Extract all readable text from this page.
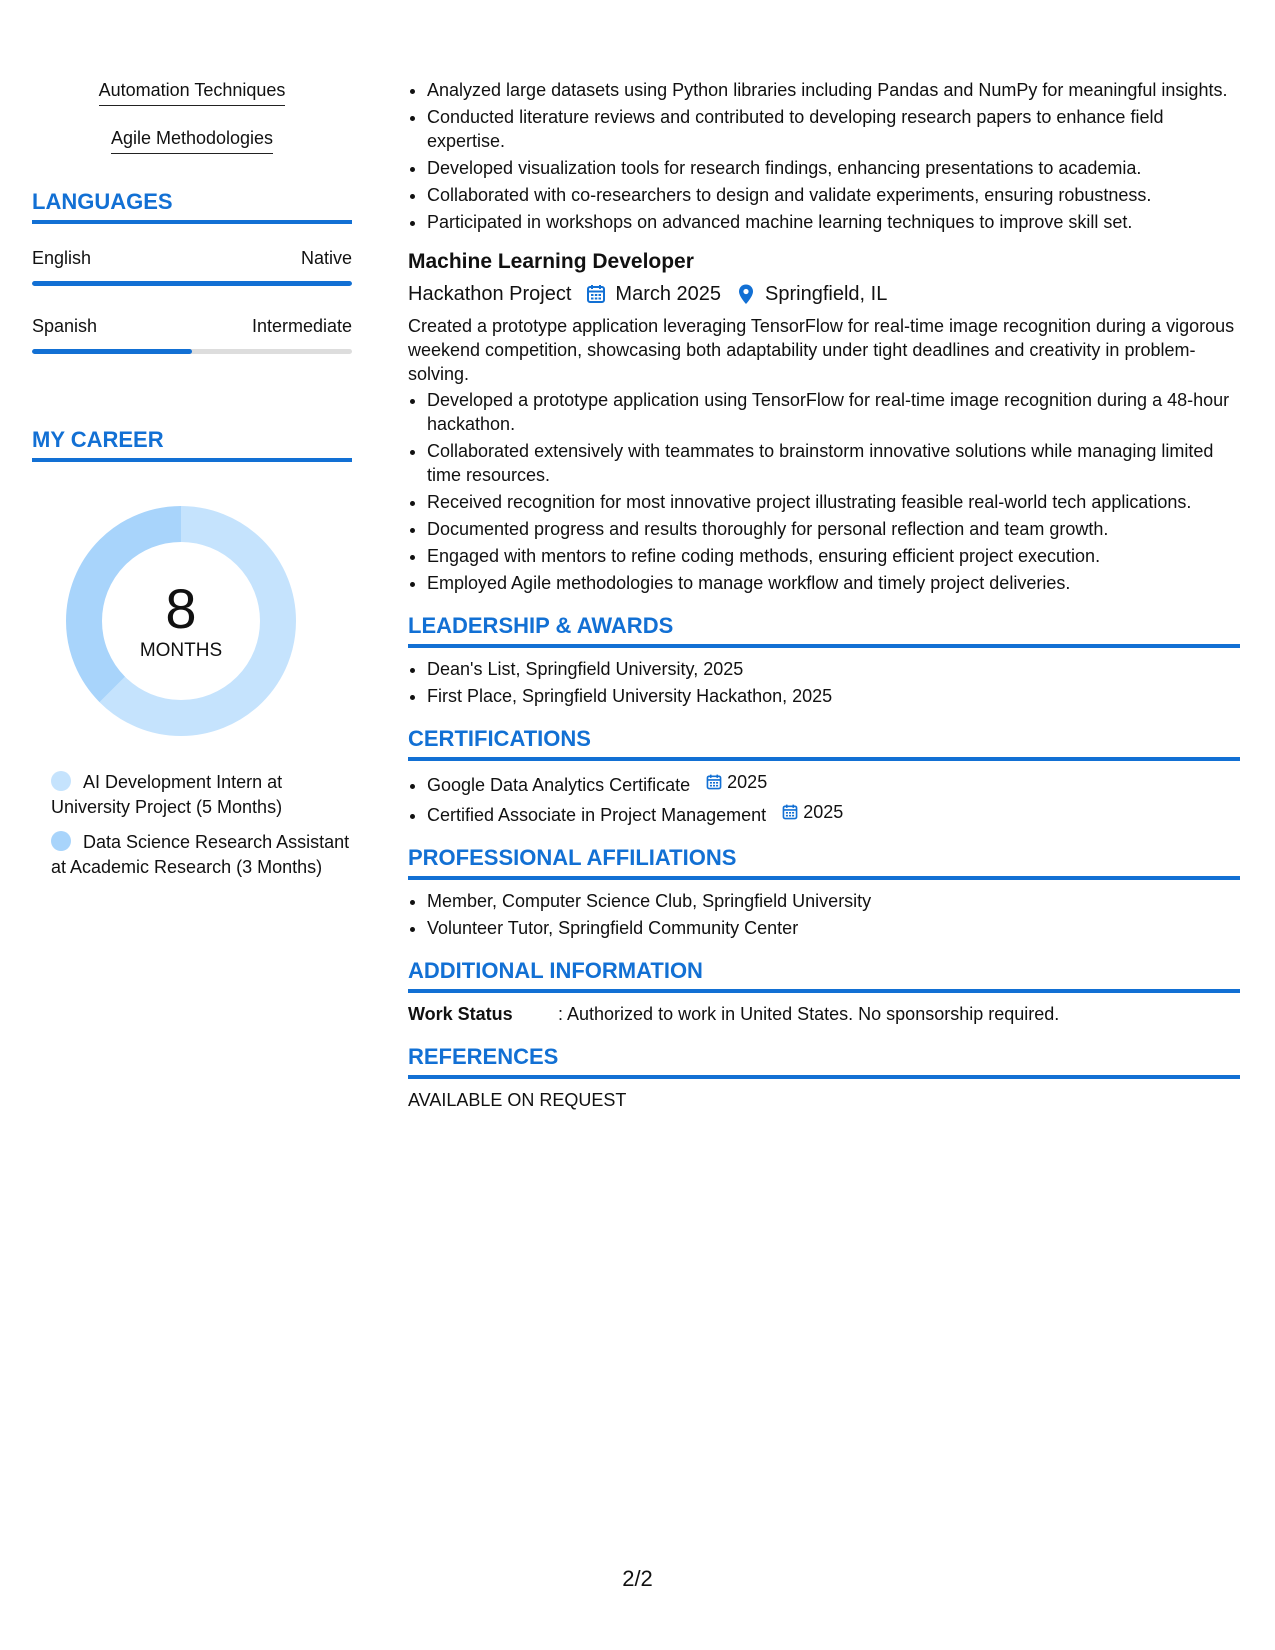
Automation Techniques
Agile Methodologies
LANGUAGES
English	Native
Spanish	Intermediate
MY CAREER
8
MONTHS
AI Development Intern at University Project (5 Months)
Data Science Research Assistant at Academic Research (3 Months)
• Analyzed large datasets using Python libraries including Pandas and NumPy for meaningful insights.
• Conducted literature reviews and contributed to developing research papers to enhance field expertise.
• Developed visualization tools for research findings, enhancing presentations to academia.
• Collaborated with co-researchers to design and validate experiments, ensuring robustness.
• Participated in workshops on advanced machine learning techniques to improve skill set.
Machine Learning Developer
Hackathon Project March 2025 Springfield, IL
Created a prototype application leveraging TensorFlow for real-time image recognition during a vigorous weekend competition, showcasing both adaptability under tight deadlines and creativity in problem-solving.
• Developed a prototype application using TensorFlow for real-time image recognition during a 48-hour hackathon.
• Collaborated extensively with teammates to brainstorm innovative solutions while managing limited time resources.
• Received recognition for most innovative project illustrating feasible real-world tech applications.
• Documented progress and results thoroughly for personal reflection and team growth.
• Engaged with mentors to refine coding methods, ensuring efficient project execution.
• Employed Agile methodologies to manage workflow and timely project deliveries.
LEADERSHIP & AWARDS
• Dean's List, Springfield University, 2025
• First Place, Springfield University Hackathon, 2025
CERTIFICATIONS
• Google Data Analytics Certificate 2025
• Certified Associate in Project Management 2025
PROFESSIONAL AFFILIATIONS
• Member, Computer Science Club, Springfield University
• Volunteer Tutor, Springfield Community Center
ADDITIONAL INFORMATION
Work Status	: Authorized to work in United States. No sponsorship required.
REFERENCES
AVAILABLE ON REQUEST
2/2
